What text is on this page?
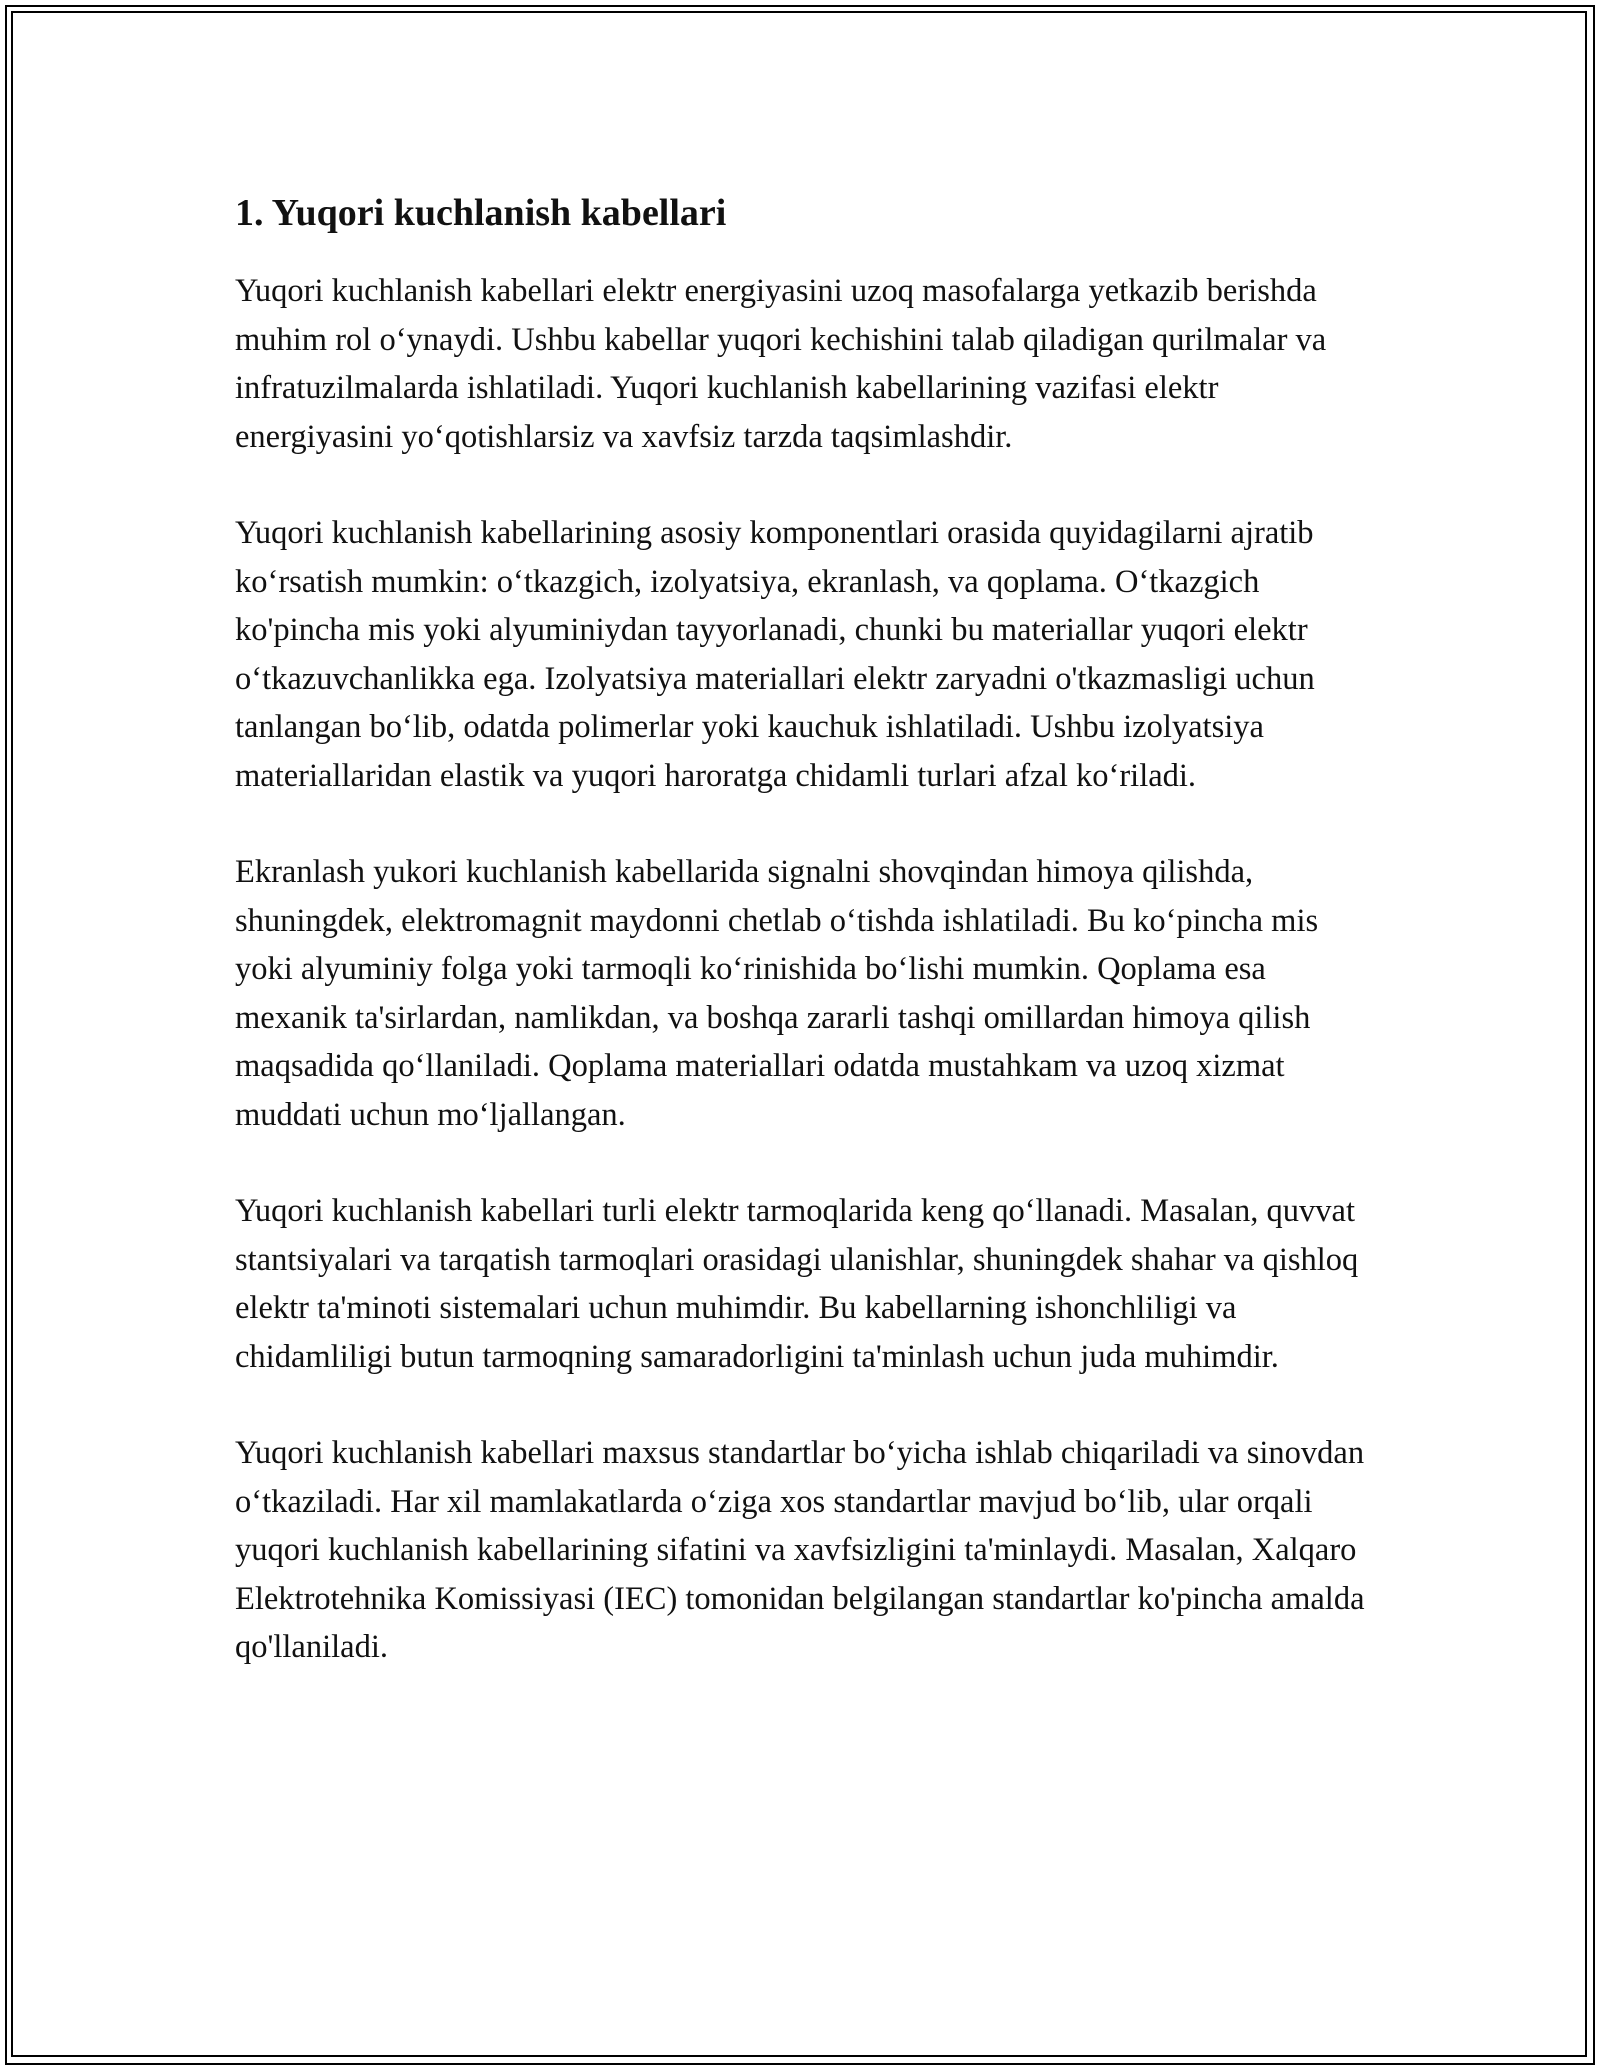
1. Yuqori kuchlanish kabellari

Yuqori kuchlanish kabellari elektr energiyasini uzoq masofalarga yetkazib berishda muhim rol o‘ynaydi. Ushbu kabellar yuqori kechishini talab qiladigan qurilmalar va infratuzilmalarda ishlatiladi. Yuqori kuchlanish kabellarining vazifasi elektr energiyasini yo‘qotishlarsiz va xavfsiz tarzda taqsimlashdir.

Yuqori kuchlanish kabellarining asosiy komponentlari orasida quyidagilarni ajratib ko‘rsatish mumkin: o‘tkazgich, izolyatsiya, ekranlash, va qoplama. O‘tkazgich ko'pincha mis yoki alyuminiydan tayyorlanadi, chunki bu materiallar yuqori elektr o‘tkazuvchanlikka ega. Izolyatsiya materiallari elektr zaryadni o'tkazmasligi uchun tanlangan bo‘lib, odatda polimerlar yoki kauchuk ishlatiladi. Ushbu izolyatsiya materiallaridan elastik va yuqori haroratga chidamli turlari afzal ko‘riladi.

Ekranlash yukori kuchlanish kabellarida signalni shovqindan himoya qilishda, shuningdek, elektromagnit maydonni chetlab o‘tishda ishlatiladi. Bu ko‘pincha mis yoki alyuminiy folga yoki tarmoqli ko‘rinishida bo‘lishi mumkin. Qoplama esa mexanik ta'sirlardan, namlikdan, va boshqa zararli tashqi omillardan himoya qilish maqsadida qo‘llaniladi. Qoplama materiallari odatda mustahkam va uzoq xizmat muddati uchun mo‘ljallangan.

Yuqori kuchlanish kabellari turli elektr tarmoqlarida keng qo‘llanadi. Masalan, quvvat stantsiyalari va tarqatish tarmoqlari orasidagi ulanishlar, shuningdek shahar va qishloq elektr ta'minoti sistemalari uchun muhimdir. Bu kabellarning ishonchliligi va chidamliligi butun tarmoqning samaradorligini ta'minlash uchun juda muhimdir.

Yuqori kuchlanish kabellari maxsus standartlar bo‘yicha ishlab chiqariladi va sinovdan o‘tkaziladi. Har xil mamlakatlarda o‘ziga xos standartlar mavjud bo‘lib, ular orqali yuqori kuchlanish kabellarining sifatini va xavfsizligini ta'minlaydi. Masalan, Xalqaro Elektrotehnika Komissiyasi (IEC) tomonidan belgilangan standartlar ko'pincha amalda qo'llaniladi.
